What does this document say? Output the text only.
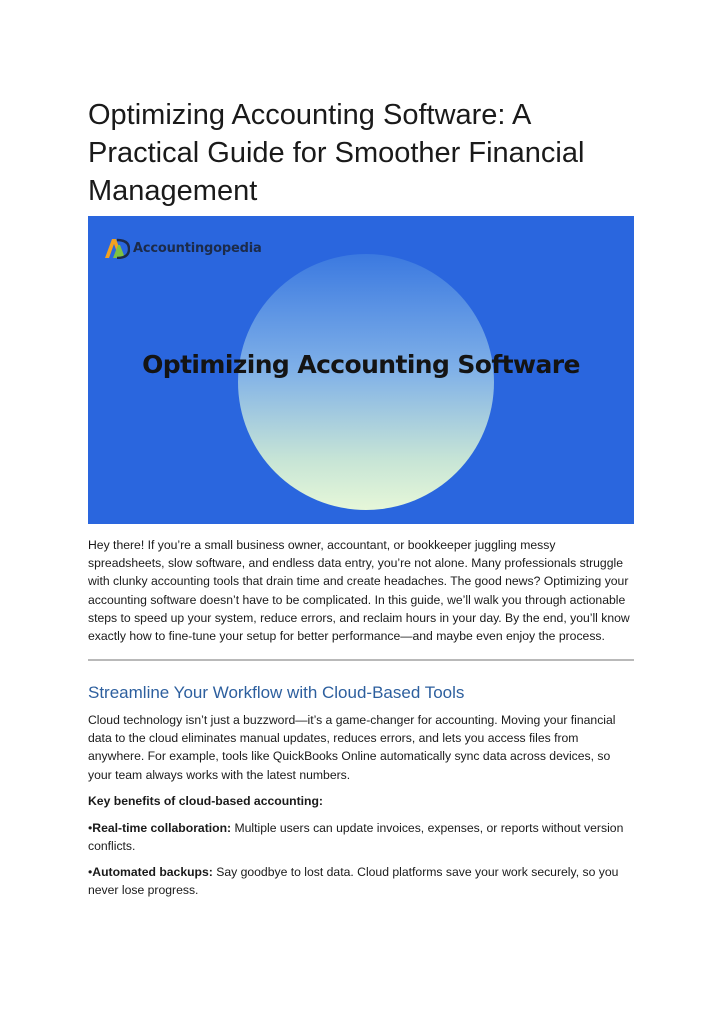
Optimizing Accounting Software: A Practical Guide for Smoother Financial Management
Accountingopedia
Optimizing Accounting Software

Hey there! If you’re a small business owner, accountant, or bookkeeper juggling messy spreadsheets, slow software, and endless data entry, you’re not alone. Many professionals struggle with clunky accounting tools that drain time and create headaches. The good news? Optimizing your accounting software doesn’t have to be complicated. In this guide, we’ll walk you through actionable steps to speed up your system, reduce errors, and reclaim hours in your day. By the end, you’ll know exactly how to fine-tune your setup for better performance—and maybe even enjoy the process.

Streamline Your Workflow with Cloud-Based Tools

Cloud technology isn’t just a buzzword—it’s a game-changer for accounting. Moving your financial data to the cloud eliminates manual updates, reduces errors, and lets you access files from anywhere. For example, tools like QuickBooks Online automatically sync data across devices, so your team always works with the latest numbers.

Key benefits of cloud-based accounting:

•Real-time collaboration: Multiple users can update invoices, expenses, or reports without version conflicts.

•Automated backups: Say goodbye to lost data. Cloud platforms save your work securely, so you never lose progress.
